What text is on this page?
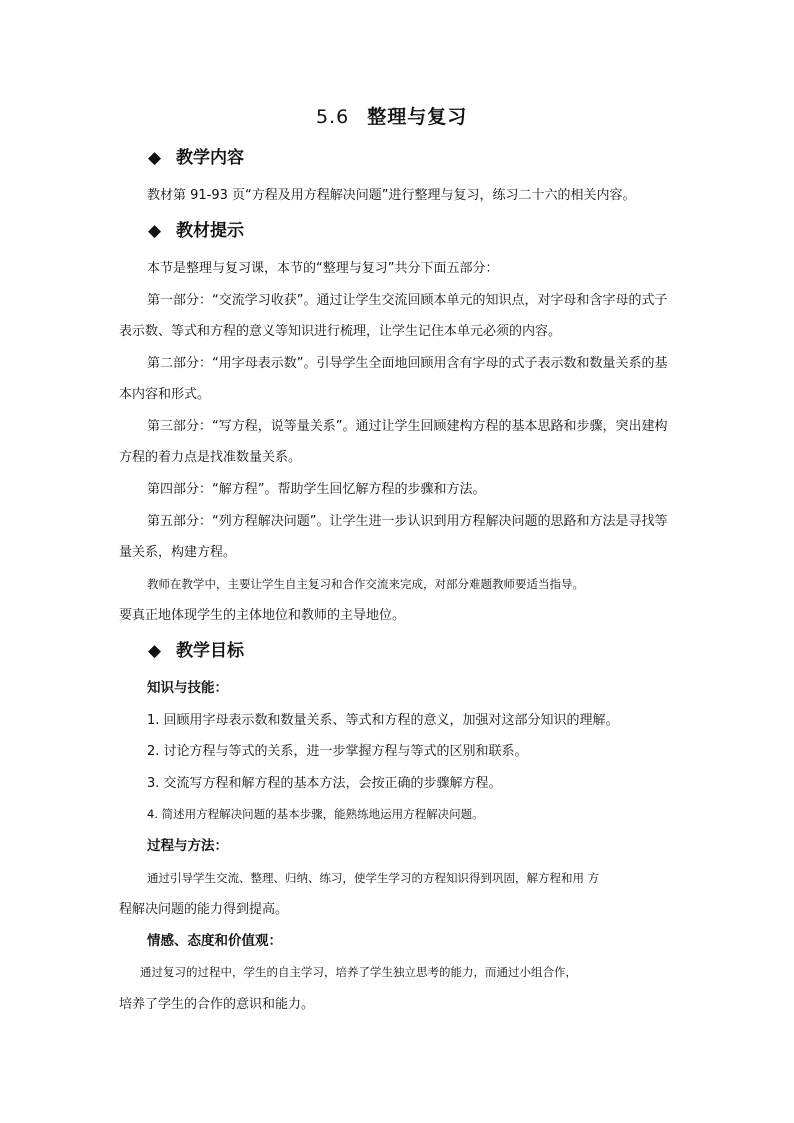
5.6 整理与复习
◆ 教学内容
教材第 91-93 页“方程及用方程解决问题”进行整理与复习，练习二十六的相关内容。
◆ 教材提示
本节是整理与复习课，本节的“整理与复习”共分下面五部分：
第一部分：“交流学习收获”。通过让学生交流回顾本单元的知识点，对字母和含字母的式子
表示数、等式和方程的意义等知识进行梳理，让学生记住本单元必须的内容。
第二部分：“用字母表示数”。引导学生全面地回顾用含有字母的式子表示数和数量关系的基
本内容和形式。
第三部分：“写方程，说等量关系”。通过让学生回顾建构方程的基本思路和步骤，突出建构
方程的着力点是找准数量关系。
第四部分：“解方程”。帮助学生回忆解方程的步骤和方法。
第五部分：“列方程解决问题”。让学生进一步认识到用方程解决问题的思路和方法是寻找等
量关系，构建方程。
教师在教学中，主要让学生自主复习和合作交流来完成，对部分难题教师要适当指导。
要真正地体现学生的主体地位和教师的主导地位。
◆ 教学目标
知识与技能：
1. 回顾用字母表示数和数量关系、等式和方程的意义，加强对这部分知识的理解。
2. 讨论方程与等式的关系，进一步掌握方程与等式的区别和联系。
3. 交流写方程和解方程的基本方法，会按正确的步骤解方程。
4. 简述用方程解决问题的基本步骤，能熟练地运用方程解决问题。
过程与方法：
通过引导学生交流、整理、归纳、练习，使学生学习的方程知识得到巩固，解方程和用 方
程解决问题的能力得到提高。
情感、态度和价值观：
通过复习的过程中，学生的自主学习，培养了学生独立思考的能力，而通过小组合作，
培养了学生的合作的意识和能力。
